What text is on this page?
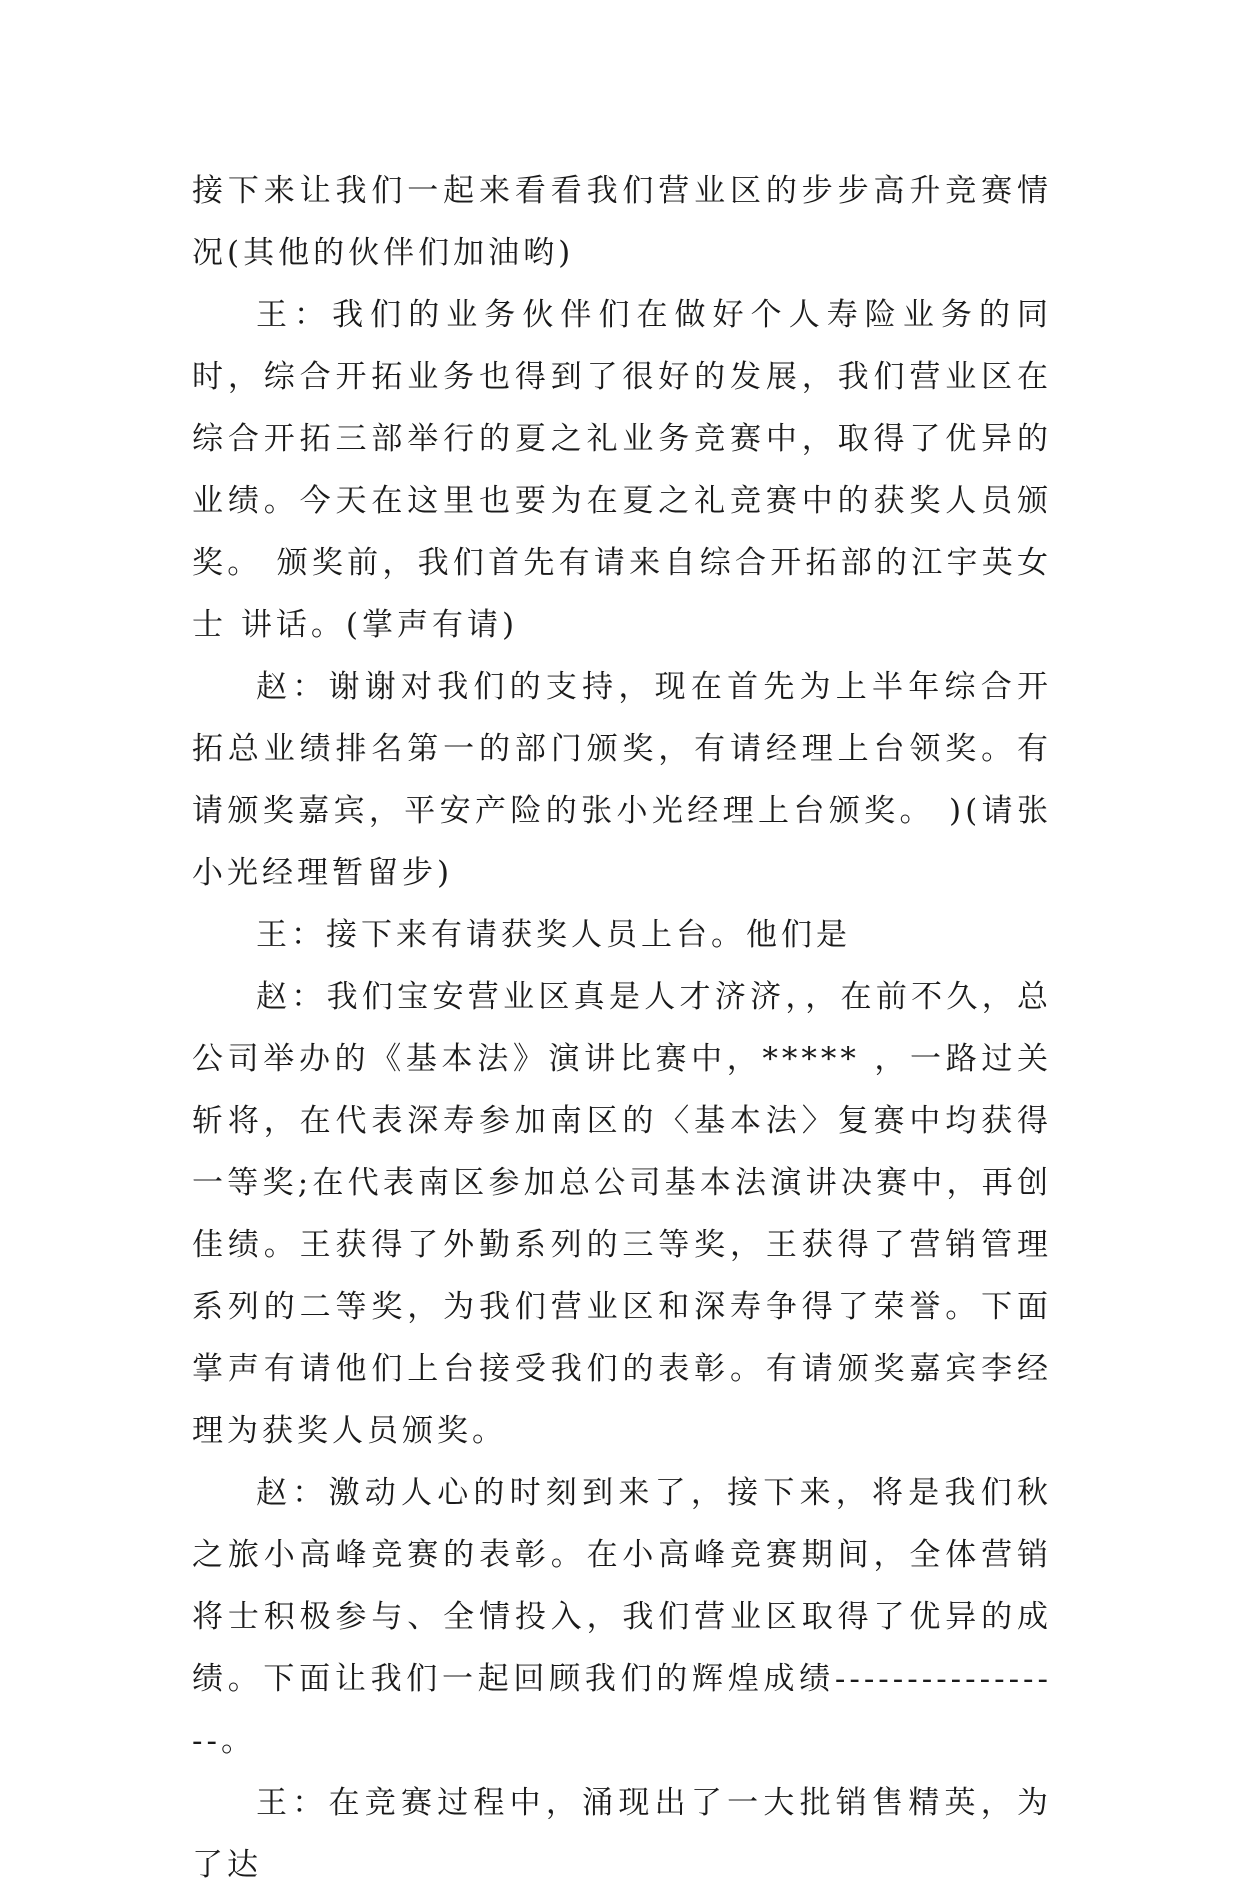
接下来让我们一起来看看我们营业区的步步高升竞赛情况(其他的伙伴们加油哟)

王：我们的业务伙伴们在做好个人寿险业务的同时，综合开拓业务也得到了很好的发展，我们营业区在综合开拓三部举行的夏之礼业务竞赛中，取得了优异的业绩。今天在这里也要为在夏之礼竞赛中的获奖人员颁奖。 颁奖前，我们首先有请来自综合开拓部的江宇英女士 讲话。(掌声有请)

赵：谢谢对我们的支持，现在首先为上半年综合开拓总业绩排名第一的部门颁奖，有请经理上台领奖。有请颁奖嘉宾，平安产险的张小光经理上台颁奖。 )(请张小光经理暂留步)

王：接下来有请获奖人员上台。他们是

赵：我们宝安营业区真是人才济济，，在前不久，总公司举办的《基本法》演讲比赛中，***** ，一路过关斩将，在代表深寿参加南区的〈基本法〉复赛中均获得一等奖;在代表南区参加总公司基本法演讲决赛中，再创佳绩。王获得了外勤系列的三等奖，王获得了营销管理系列的二等奖，为我们营业区和深寿争得了荣誉。下面掌声有请他们上台接受我们的表彰。有请颁奖嘉宾李经理为获奖人员颁奖。

赵：激动人心的时刻到来了，接下来，将是我们秋之旅小高峰竞赛的表彰。在小高峰竞赛期间，全体营销将士积极参与、全情投入，我们营业区取得了优异的成绩。下面让我们一起回顾我们的辉煌成绩-----------------。

王：在竞赛过程中，涌现出了一大批销售精英，为了达
